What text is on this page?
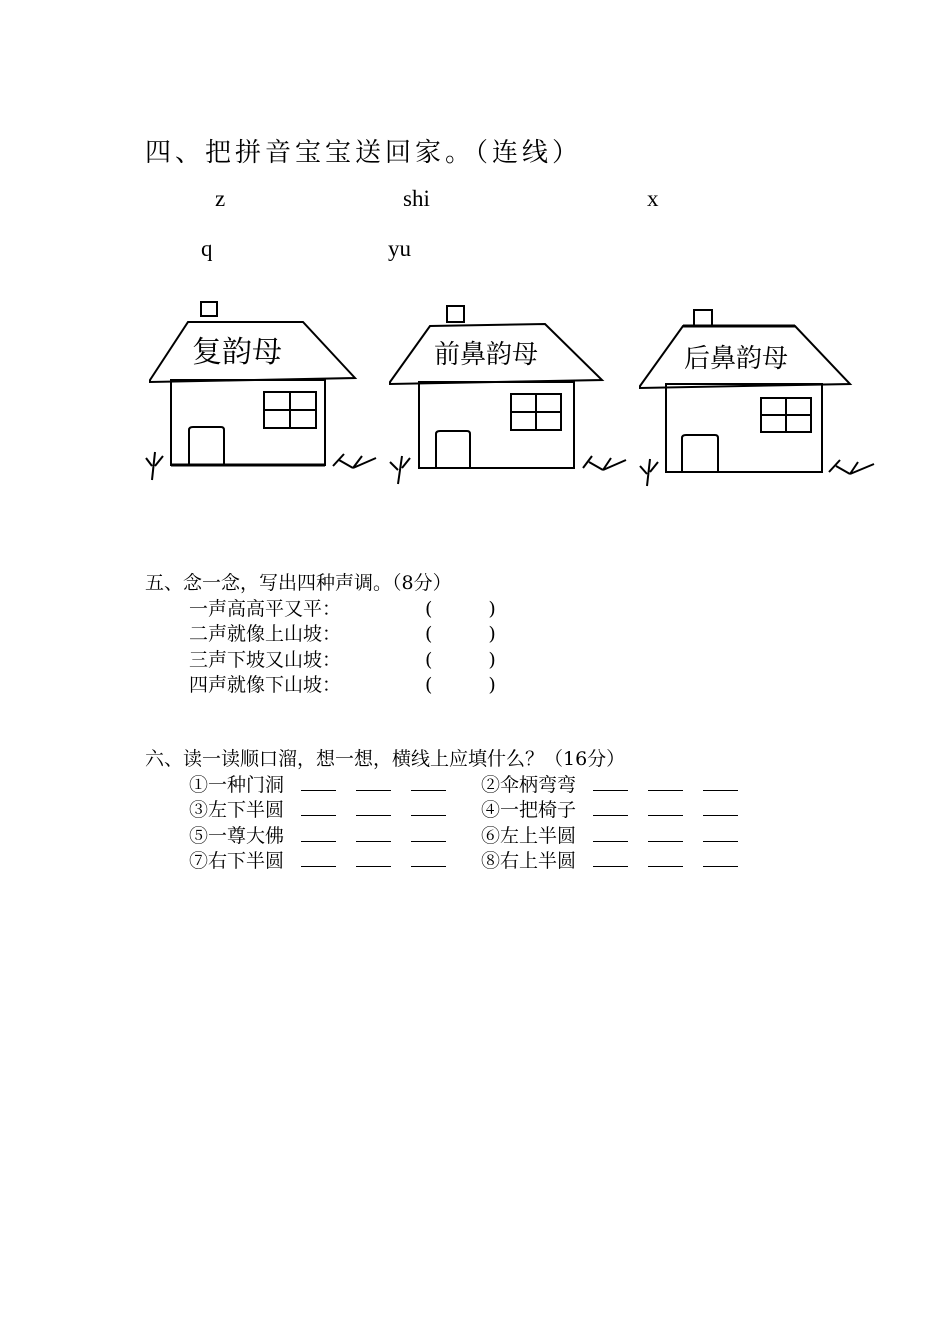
四、把拼音宝宝送回家。（连线）
z	shi	x
q	yu
复韵母	前鼻韵母	后鼻韵母
五、念一念，写出四种声调。（8分）
一声高高平又平：	(	)
二声就像上山坡：	(	)
三声下坡又山坡：	(	)
四声就像下山坡：	(	)
六、读一读顺口溜，想一想，横线上应填什么？（16分）
①一种门洞	②伞柄弯弯
③左下半圆	④一把椅子
⑤一尊大佛	⑥左上半圆
⑦右下半圆	⑧右上半圆
